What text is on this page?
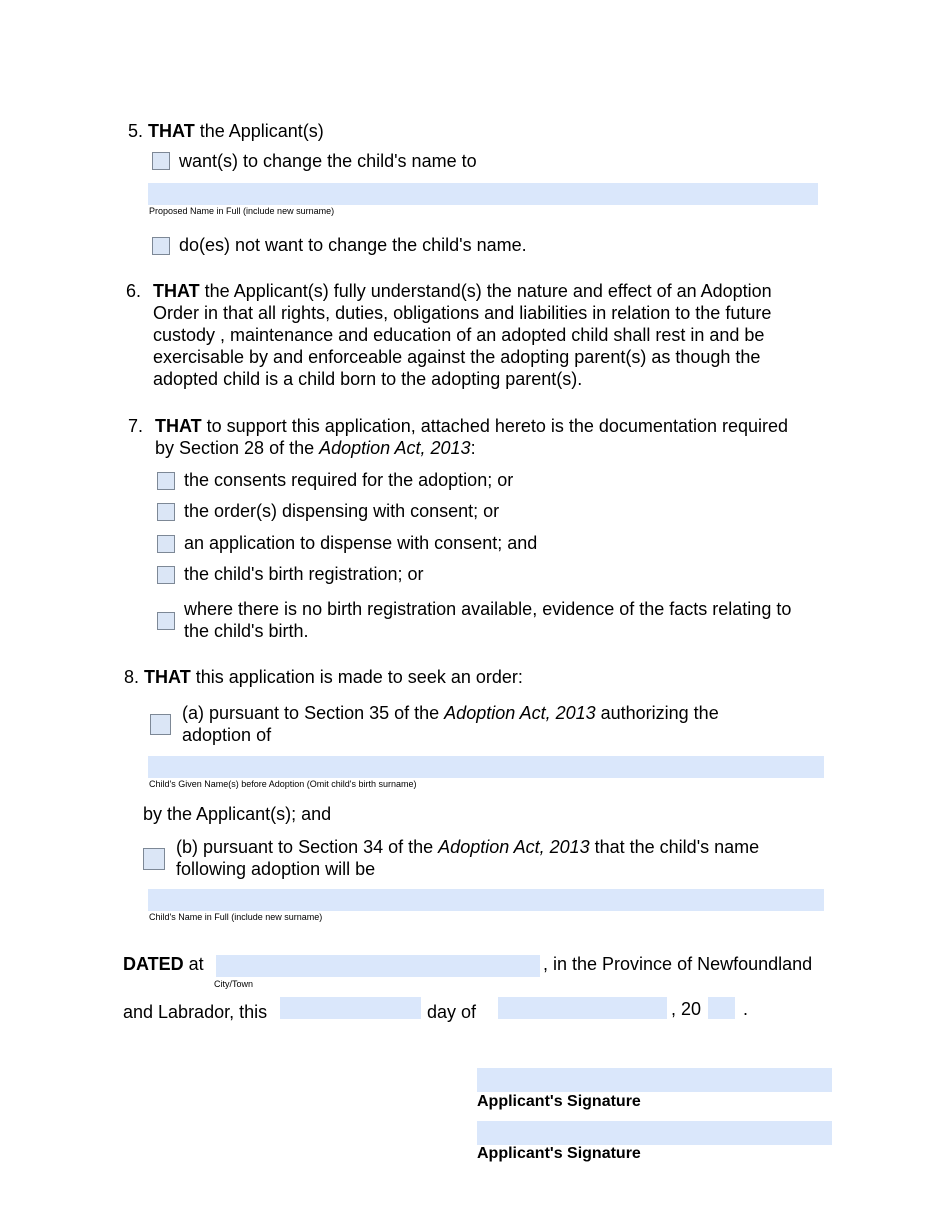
5. THAT the Applicant(s)
want(s) to change the child's name to
Proposed Name in Full (include new surname)
do(es) not want to change the child's name.
6. THAT the Applicant(s) fully understand(s) the nature and effect of an Adoption Order in that all rights, duties, obligations and liabilities in relation to the future custody , maintenance and education of an adopted child shall rest in and be exercisable by and enforceable against the adopting parent(s) as though the adopted child is a child born to the adopting parent(s).
7. THAT to support this application, attached hereto is the documentation required
by Section 28 of the Adoption Act, 2013:
the consents required for the adoption; or
the order(s) dispensing with consent; or
an application to dispense with consent; and
the child's birth registration; or
where there is no birth registration available, evidence of the facts relating to the child's birth.
8. THAT this application is made to seek an order:
(a) pursuant to Section 35 of the Adoption Act, 2013 authorizing the adoption of
Child's Given Name(s) before Adoption (Omit child's birth surname)
by the Applicant(s); and
(b) pursuant to Section 34 of the Adoption Act, 2013 that the child's name following adoption will be
Child's Name in Full (include new surname)
DATED at
City/Town
, in the Province of Newfoundland
and Labrador, this	day of	, 20 .
Applicant's Signature
Applicant's Signature
